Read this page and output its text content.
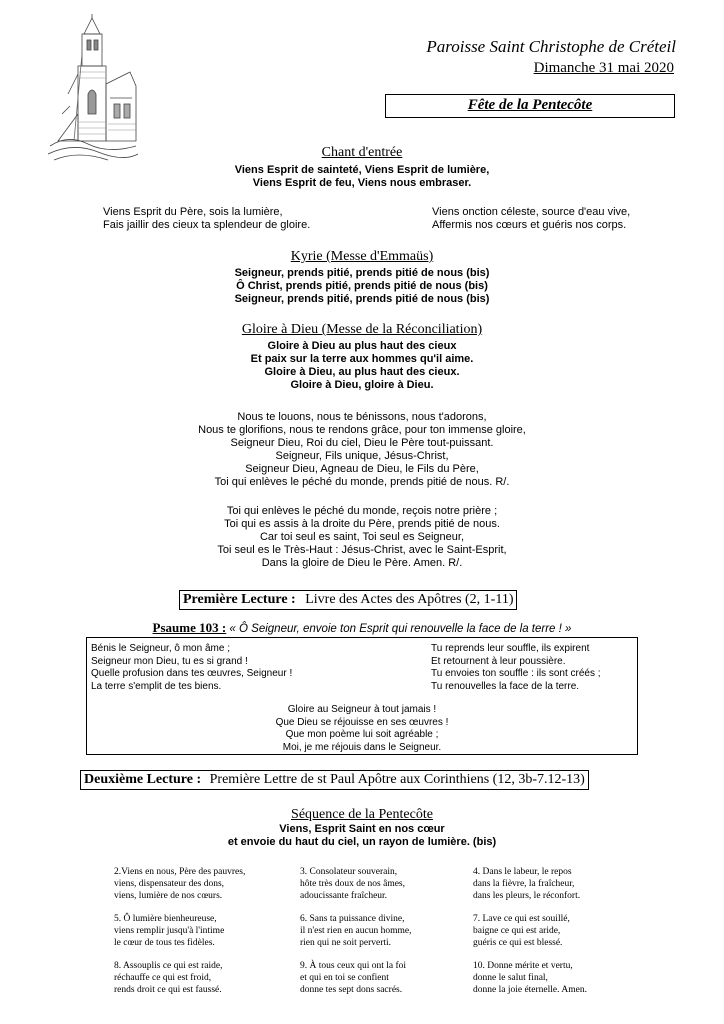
Paroisse Saint Christophe de Créteil
Dimanche 31 mai 2020
Fête de la Pentecôte
Chant d'entrée
Viens Esprit de sainteté, Viens Esprit de lumière,
Viens Esprit de feu, Viens nous embraser.
Viens Esprit du Père, sois la lumière,
Fais jaillir des cieux ta splendeur de gloire.
Viens onction céleste, source d'eau vive,
Affermis nos cœurs et guéris nos corps.
Kyrie (Messe d'Emmaüs)
Seigneur, prends pitié, prends pitié de nous (bis)
Ô Christ, prends pitié, prends pitié de nous (bis)
Seigneur, prends pitié, prends pitié de nous (bis)
Gloire à Dieu (Messe de la Réconciliation)
Gloire à Dieu au plus haut des cieux
Et paix sur la terre aux hommes qu'il aime.
Gloire à Dieu, au plus haut des cieux.
Gloire à Dieu, gloire à Dieu.
Nous te louons, nous te bénissons, nous t'adorons,
Nous te glorifions, nous te rendons grâce, pour ton immense gloire,
Seigneur Dieu, Roi du ciel, Dieu le Père tout-puissant.
Seigneur, Fils unique, Jésus-Christ,
Seigneur Dieu, Agneau de Dieu, le Fils du Père,
Toi qui enlèves le péché du monde, prends pitié de nous. R/.
Toi qui enlèves le péché du monde, reçois notre prière ;
Toi qui es assis à la droite du Père, prends pitié de nous.
Car toi seul es saint, Toi seul es Seigneur,
Toi seul es le Très-Haut : Jésus-Christ, avec le Saint-Esprit,
Dans la gloire de Dieu le Père. Amen. R/.
Première Lecture : Livre des Actes des Apôtres (2, 1-11)
Psaume 103 : « Ô Seigneur, envoie ton Esprit qui renouvelle la face de la terre ! »
Bénis le Seigneur, ô mon âme ;
Seigneur mon Dieu, tu es si grand !
Quelle profusion dans tes œuvres, Seigneur !
La terre s'emplit de tes biens.
Tu reprends leur souffle, ils expirent
Et retournent à leur poussière.
Tu envoies ton souffle : ils sont créés ;
Tu renouvelles la face de la terre.
Gloire au Seigneur à tout jamais !
Que Dieu se réjouisse en ses œuvres !
Que mon poème lui soit agréable ;
Moi, je me réjouis dans le Seigneur.
Deuxième Lecture : Première Lettre de st Paul Apôtre aux Corinthiens (12, 3b-7.12-13)
Séquence de la Pentecôte
Viens, Esprit Saint en nos cœur
et envoie du haut du ciel, un rayon de lumière. (bis)
2.Viens en nous, Père des pauvres,
viens, dispensateur des dons,
viens, lumière de nos cœurs.
5. Ô lumière bienheureuse,
viens remplir jusqu'à l'intime
le cœur de tous tes fidèles.
8. Assouplis ce qui est raide,
réchauffe ce qui est froid,
rends droit ce qui est faussé.
3. Consolateur souverain,
hôte très doux de nos âmes,
adoucissante fraîcheur.
6. Sans ta puissance divine,
il n'est rien en aucun homme,
rien qui ne soit perverti.
9. À tous ceux qui ont la foi
et qui en toi se confient
donne tes sept dons sacrés.
4. Dans le labeur, le repos
dans la fièvre, la fraîcheur,
dans les pleurs, le réconfort.
7. Lave ce qui est souillé,
baigne ce qui est aride,
guéris ce qui est blessé.
10. Donne mérite et vertu,
donne le salut final,
donne la joie éternelle. Amen.
